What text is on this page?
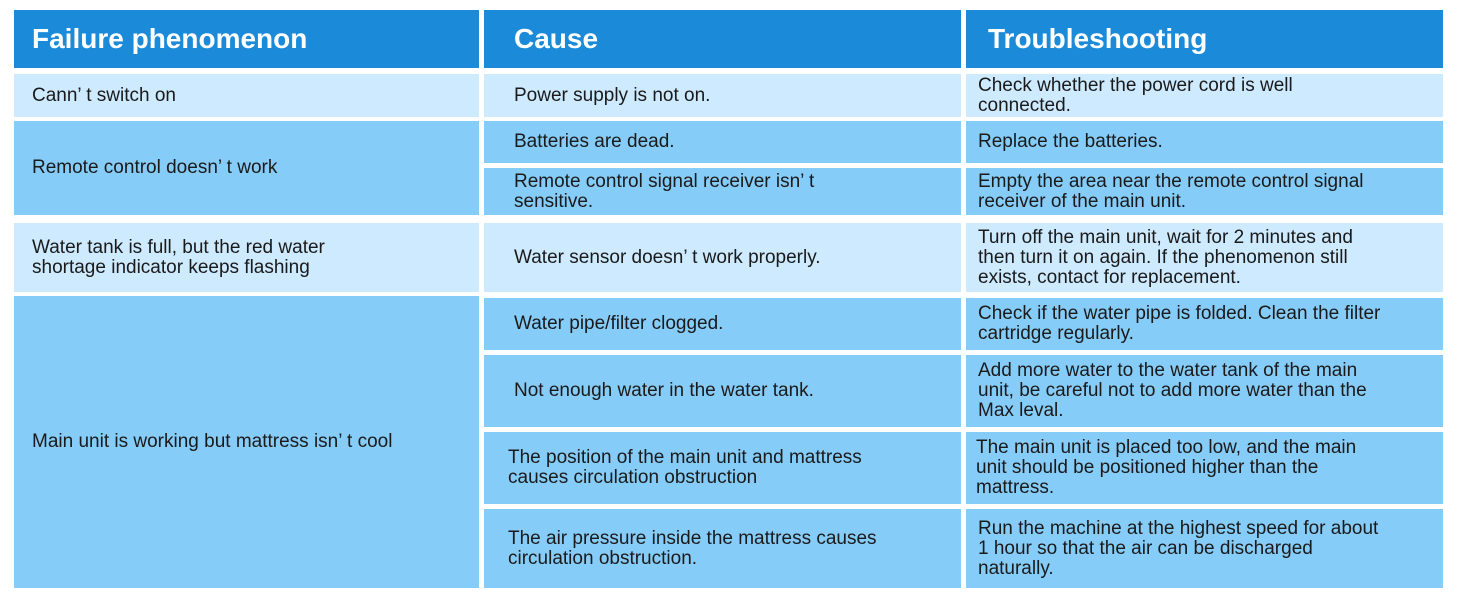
Failure phenomenon	Cause	Troubleshooting
Cann’ t switch on
Remote control doesn’ t work
Water tank is full, but the red water
shortage indicator keeps flashing
Main unit is working but mattress isn’ t cool
Power supply is not on.
Batteries are dead.
Remote control signal receiver isn’ t
sensitive.
Water sensor doesn’ t work properly.
Water pipe/filter clogged.
Not enough water in the water tank.
The position of the main unit and mattress
causes circulation obstruction
The air pressure inside the mattress causes
circulation obstruction.
Check whether the power cord is well
connected.
Replace the batteries.
Empty the area near the remote control signal
receiver of the main unit.
Turn off the main unit, wait for 2 minutes and
then turn it on again. If the phenomenon still
exists, contact for replacement.
Check if the water pipe is folded. Clean the filter
cartridge regularly.
Add more water to the water tank of the main
unit, be careful not to add more water than the
Max leval.
The main unit is placed too low, and the main
unit should be positioned higher than the
mattress.
Run the machine at the highest speed for about
1 hour so that the air can be discharged
naturally.
